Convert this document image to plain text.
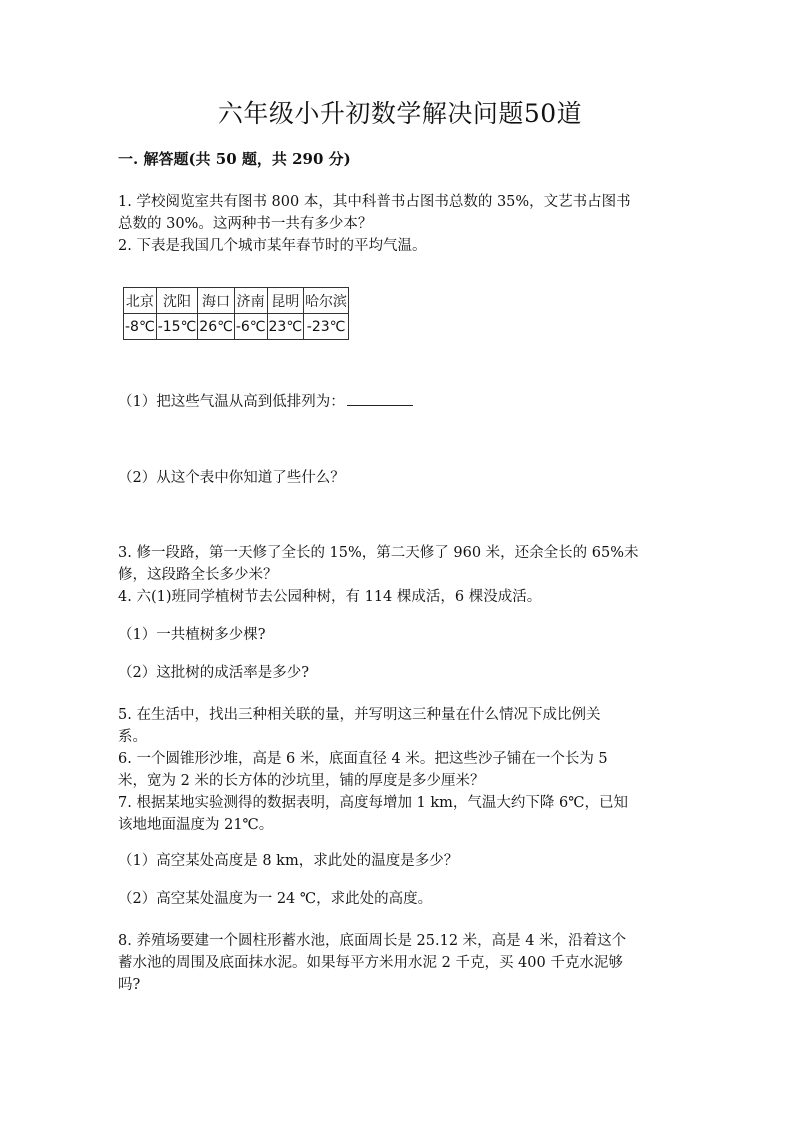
六年级小升初数学解决问题50道
一. 解答题(共 50 题，共 290 分)
1. 学校阅览室共有图书 800 本，其中科普书占图书总数的 35%，文艺书占图书
总数的 30%。这两种书一共有多少本？
2. 下表是我国几个城市某年春节时的平均气温。
北京	沈阳	海口	济南	昆明	哈尔滨
-8℃	-15℃	26℃	-6℃	23℃	-23℃
（1）把这些气温从高到低排列为：
（2）从这个表中你知道了些什么？
3. 修一段路，第一天修了全长的 15%，第二天修了 960 米，还余全长的 65%未
修，这段路全长多少米？
4. 六(1)班同学植树节去公园种树，有 114 棵成活，6 棵没成活。
（1）一共植树多少棵?
（2）这批树的成活率是多少?
5. 在生活中，找出三种相关联的量，并写明这三种量在什么情况下成比例关
系。
6. 一个圆锥形沙堆，高是 6 米，底面直径 4 米。把这些沙子铺在一个长为 5
米，宽为 2 米的长方体的沙坑里，铺的厚度是多少厘米？
7. 根据某地实验测得的数据表明，高度每增加 1 km，气温大约下降 6℃，已知
该地地面温度为 21℃。
（1）高空某处高度是 8 km，求此处的温度是多少？
（2）高空某处温度为一 24 ℃，求此处的高度。
8. 养殖场要建一个圆柱形蓄水池，底面周长是 25.12 米，高是 4 米，沿着这个
蓄水池的周围及底面抹水泥。如果每平方米用水泥 2 千克，买 400 千克水泥够
吗?
